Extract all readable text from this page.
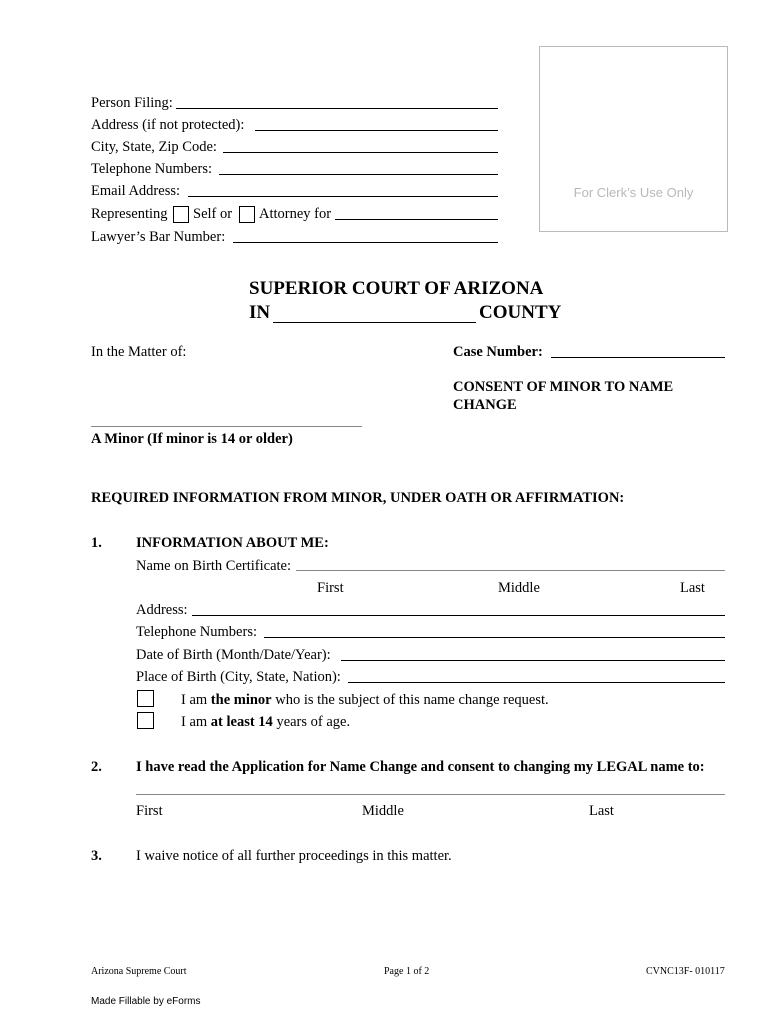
For Clerk’s Use Only
Person Filing:
Address (if not protected):
City, State, Zip Code:
Telephone Numbers:
Email Address:
Representing Self or Attorney for
Lawyer’s Bar Number:
SUPERIOR COURT OF ARIZONA
IN	COUNTY
In the Matter of:	Case Number:
CONSENT OF MINOR TO NAME
CHANGE
A Minor (If minor is 14 or older)
REQUIRED INFORMATION FROM MINOR, UNDER OATH OR AFFIRMATION:
1. INFORMATION ABOUT ME:
Name on Birth Certificate:
First	Middle	Last
Address:
Telephone Numbers:
Date of Birth (Month/Date/Year):
Place of Birth (City, State, Nation):
I am the minor who is the subject of this name change request.
I am at least 14 years of age.
2. I have read the Application for Name Change and consent to changing my LEGAL name to:
First	Middle	Last
3. I waive notice of all further proceedings in this matter.
Arizona Supreme Court	Page 1 of 2	CVNC13F- 010117
Made Fillable by eForms
